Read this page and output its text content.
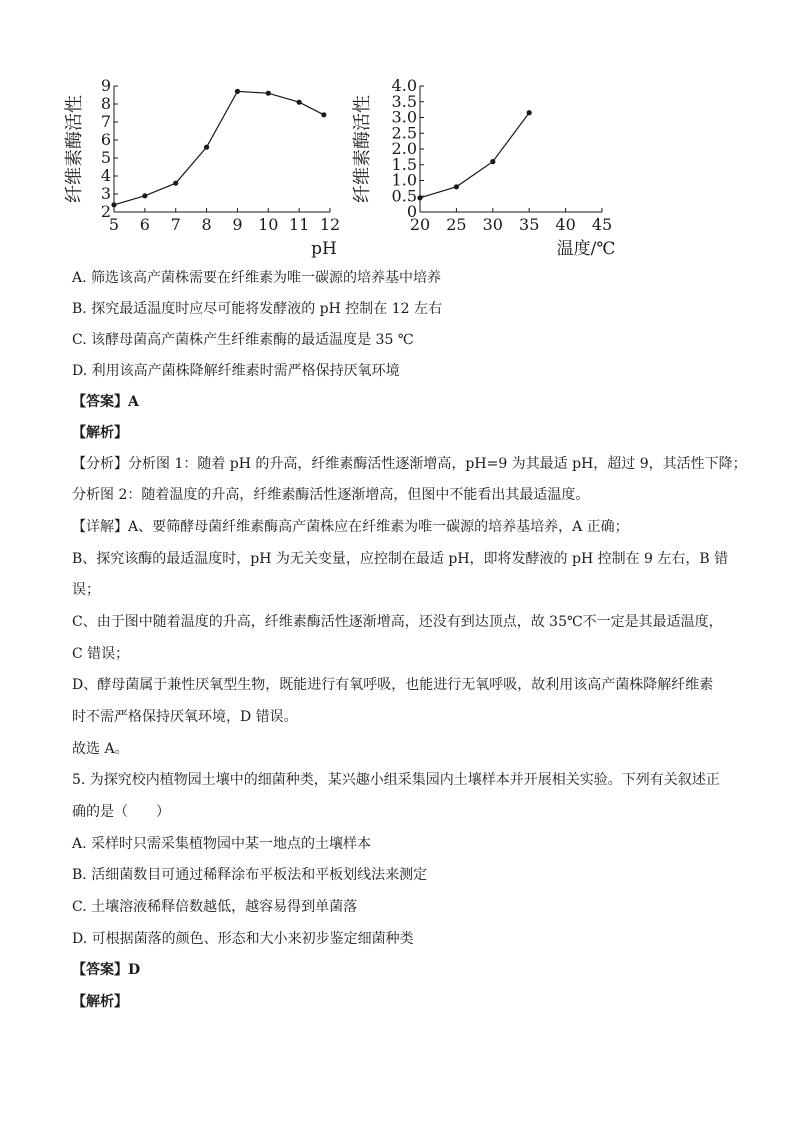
5 6 7 8 9 10 11 12
2
3
4
5
6
7
8
9
纤维素酶活性
pH
20 25 30 35 40 45
0
0.5
1.0
1.5
2.0
2.5
3.0
3.5
4.0
纤维素酶活性
温度/℃

A. 筛选该高产菌株需要在纤维素为唯一碳源的培养基中培养

B. 探究最适温度时应尽可能将发酵液的 pH 控制在 12 左右

C. 该酵母菌高产菌株产生纤维素酶的最适温度是 35 ℃

D. 利用该高产菌株降解纤维素时需严格保持厌氧环境

【答案】A

【解析】

【分析】分析图 1：随着 pH 的升高，纤维素酶活性逐渐增高，pH=9 为其最适 pH，超过 9，其活性下降；

分析图 2：随着温度的升高，纤维素酶活性逐渐增高，但图中不能看出其最适温度。

【详解】A、要筛酵母菌纤维素酶高产菌株应在纤维素为唯一碳源的培养基培养，A 正确；

B、探究该酶的最适温度时，pH 为无关变量，应控制在最适 pH，即将发酵液的 pH 控制在 9 左右，B 错

误；

C、由于图中随着温度的升高，纤维素酶活性逐渐增高，还没有到达顶点，故 35℃不一定是其最适温度，

C 错误；

D、酵母菌属于兼性厌氧型生物，既能进行有氧呼吸，也能进行无氧呼吸，故利用该高产菌株降解纤维素

时不需严格保持厌氧环境，D 错误。

故选 A。

5. 为探究校内植物园土壤中的细菌种类，某兴趣小组采集园内土壤样本并开展相关实验。下列有关叙述正

确的是（　　）

A. 采样时只需采集植物园中某一地点的土壤样本

B. 活细菌数目可通过稀释涂布平板法和平板划线法来测定

C. 土壤溶液稀释倍数越低，越容易得到单菌落

D. 可根据菌落的颜色、形态和大小来初步鉴定细菌种类

【答案】D

【解析】
